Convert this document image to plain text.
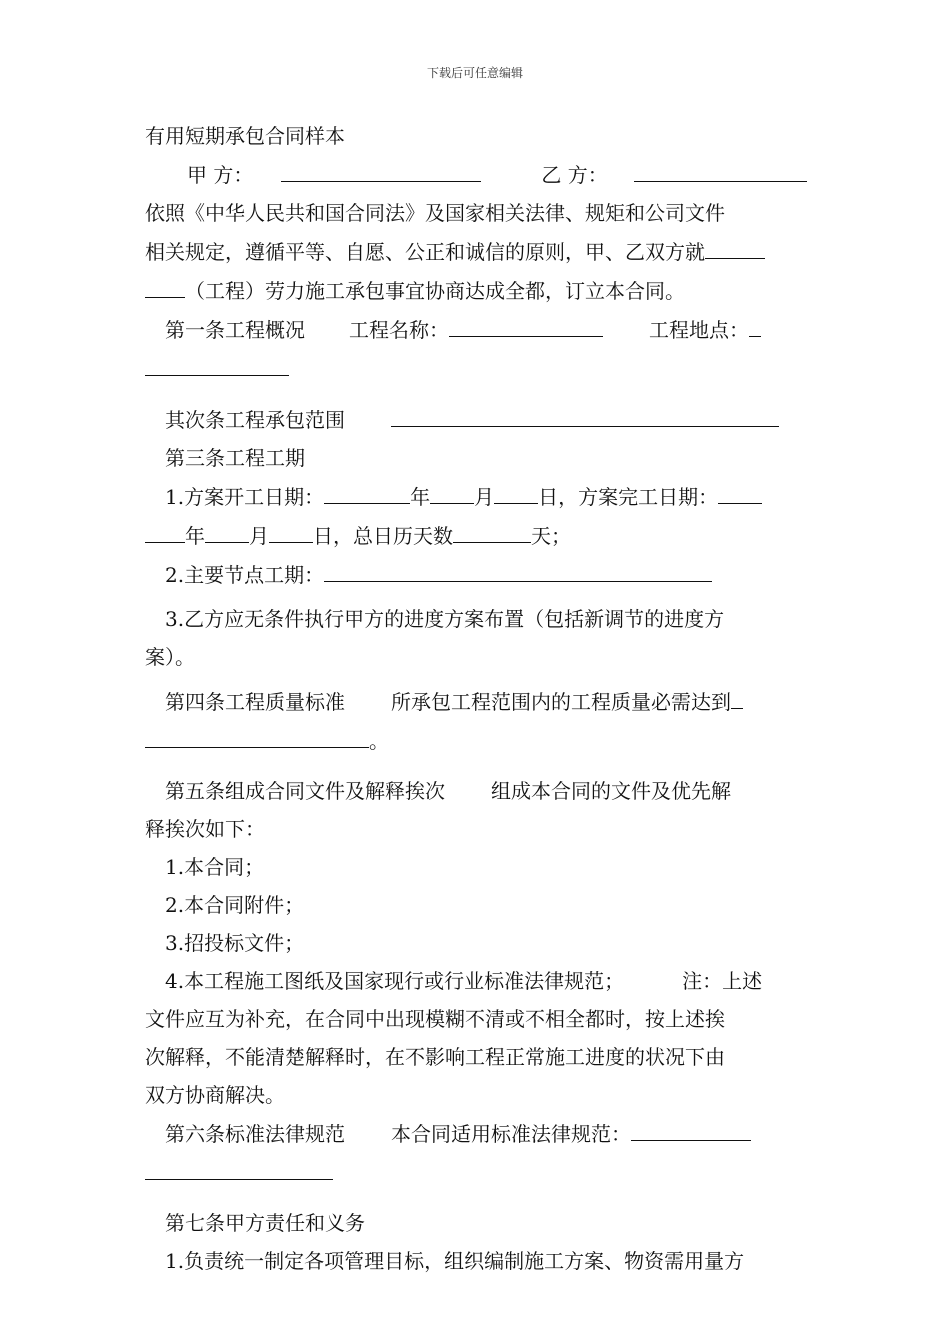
下载后可任意编辑
有用短期承包合同样本
甲 方：	乙 方：
依照《中华人民共和国合同法》及国家相关法律、规矩和公司文件
相关规定，遵循平等、自愿、公正和诚信的原则，甲、乙双方就
（工程）劳力施工承包事宜协商达成全都，订立本合同。
第一条工程概况 工程名称：	工程地点：
其次条工程承包范围
第三条工程工期
1.方案开工日期：	年 月 日，方案完工日期：
年 月 日，总日历天数	天；
2.主要节点工期：
3.乙方应无条件执行甲方的进度方案布置（包括新调节的进度方
案）。
第四条工程质量标准 所承包工程范围内的工程质量必需达到
。
第五条组成合同文件及解释挨次 组成本合同的文件及优先解
释挨次如下：
1.本合同；
2.本合同附件；
3.招投标文件；
4.本工程施工图纸及国家现行或行业标准法律规范；	注：上述
文件应互为补充，在合同中出现模糊不清或不相全都时，按上述挨
次解释，不能清楚解释时，在不影响工程正常施工进度的状况下由
双方协商解决。
第六条标准法律规范 本合同适用标准法律规范：
第七条甲方责任和义务
1.负责统一制定各项管理目标，组织编制施工方案、物资需用量方
